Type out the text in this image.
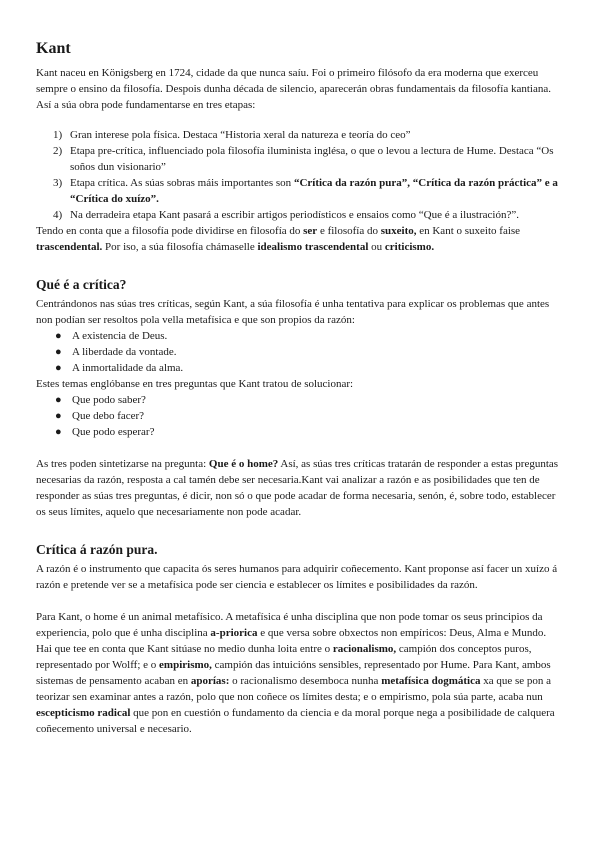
Kant

Kant naceu en Königsberg en 1724, cidade da que nunca saíu. Foi o primeiro filósofo da era moderna que exerceu sempre o ensino da filosofía. Despois dunha década de silencio, aparecerán obras fundamentais da filosofía kantiana. Así a súa obra pode fundamentarse en tres etapas:

1) Gran interese pola física. Destaca “Historia xeral da natureza e teoría do ceo”
2) Etapa pre-crítica, influenciado pola filosofía iluminista inglésa, o que o levou a lectura de Hume. Destaca “Os soños dun visionario”
3) Etapa crítica. As súas sobras máis importantes son “Crítica da razón pura”, “Crítica da razón práctica” e a “Crítica do xuízo”.
4) Na derradeira etapa Kant pasará a escribir artigos periodísticos e ensaios como “Que é a ilustración?”.

Tendo en conta que a filosofía pode dividirse en filosofía do ser e filosofía do suxeito, en Kant o suxeito faise trascendental. Por iso, a súa filosofía chámaselle idealismo trascendental ou criticismo.

Qué é a crítica?

Centrándonos nas súas tres críticas, según Kant, a súa filosofía é unha tentativa para explicar os problemas que antes non podían ser resoltos pola vella metafísica e que son propios da razón:

● A existencia de Deus.
● A liberdade da vontade.
● A inmortalidade da alma.

Estes temas englóbanse en tres preguntas que Kant tratou de solucionar:

● Que podo saber?
● Que debo facer?
● Que podo esperar?

As tres poden sintetizarse na pregunta: Que é o home? Así, as súas tres críticas tratarán de responder a estas preguntas necesarias da razón, resposta a cal tamén debe ser necesaria.Kant vai analizar a razón e as posibilidades que ten de responder as súas tres preguntas, é dicir, non só o que pode acadar de forma necesaria, senón, é, sobre todo, establecer os seus límites, aquelo que necesariamente non pode acadar.

Crítica á razón pura.

A razón é o instrumento que capacita ós seres humanos para adquirir coñecemento. Kant proponse así facer un xuízo á razón e pretende ver se a metafísica pode ser ciencia e establecer os límites e posibilidades da razón.

Para Kant, o home é un animal metafísico. A metafísica é unha disciplina que non pode tomar os seus principios da experiencia, polo que é unha disciplina a-priorica e que versa sobre obxectos non empíricos: Deus, Alma e Mundo. Hai que tee en conta que Kant sitúase no medio dunha loita entre o racionalismo, campión dos conceptos puros, representado por Wolff; e o empirismo, campión das intuicións sensibles, representado por Hume. Para Kant, ambos sistemas de pensamento acaban en aporías: o racionalismo desemboca nunha metafísica dogmática xa que se pon a teorizar sen examinar antes a razón, polo que non coñece os límites desta; e o empirismo, pola súa parte, acaba nun escepticismo radical que pon en cuestión o fundamento da ciencia e da moral porque nega a posibilidade de calquera coñecemento universal e necesario.
